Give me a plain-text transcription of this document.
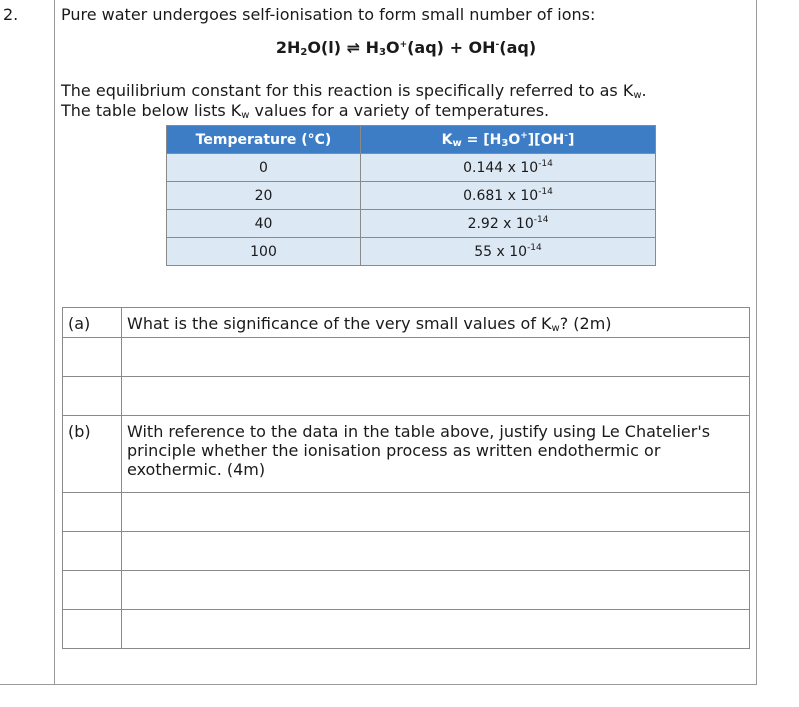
2.	Pure water undergoes self-ionisation to form small number of ions:
$2H_2O(l)$ ⇌ $H_3O^+(aq) + OH^-(aq)$
The equilibrium constant for this reaction is specifically referred to as $K_w$.
The table below lists $K_w$ values for a variety of temperatures.
Temperature (°C)	$K_w = [H_3O^+][OH^-]$
0	0.144 x $10^{-14}$
20	0.681 x $10^{-14}$
40	2.92 x $10^{-14}$
100	55 x $10^{-14}$
(a)	What is the significance of the very small values of $K_w$? (2m)

(b)	With reference to the data in the table above, justify using Le Chatelier's principle whether the ionisation process as written endothermic or exothermic. (4m)
